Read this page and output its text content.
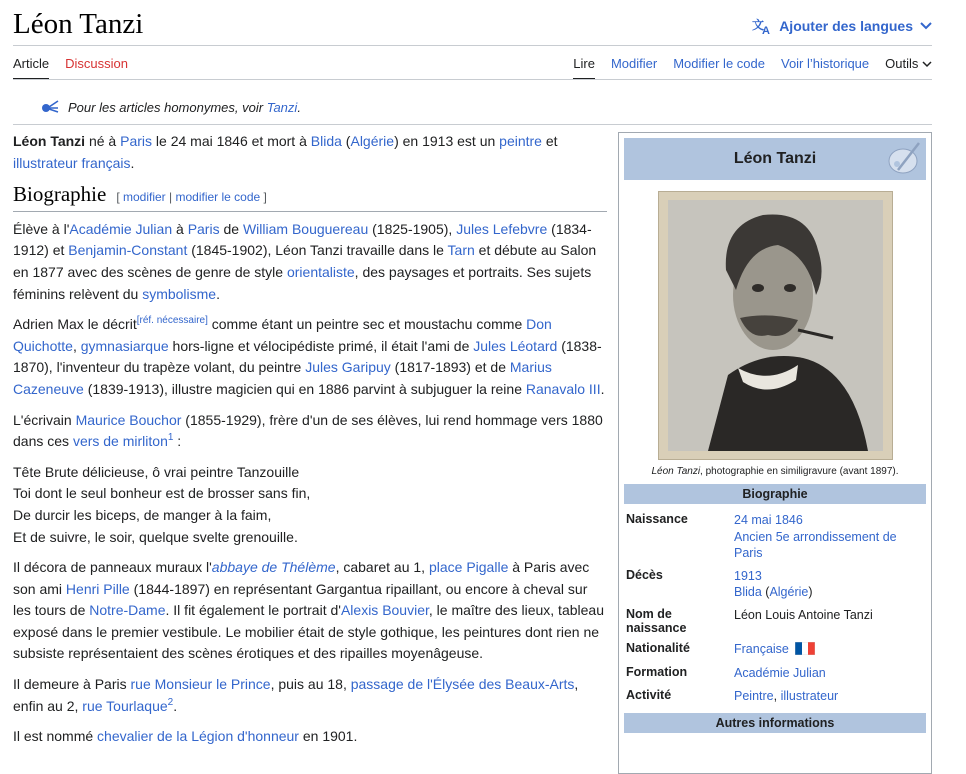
Léon Tanzi	文
A Ajouter des langues
Article Discussion	Lire Modifier Modifier le code Voir l’historique Outils
Pour les articles homonymes, voir Tanzi.

Léon Tanzi né à Paris le 24 mai 1846 et mort à Blida (Algérie) en 1913 est un peintre et illustrateur français.

Biographie [ modifier | modifier le code ]

Élève à l'Académie Julian à Paris de William Bouguereau (1825-1905), Jules Lefebvre (1834-1912) et Benjamin-Constant (1845-1902), Léon Tanzi travaille dans le Tarn et débute au Salon en 1877 avec des scènes de genre de style orientaliste, des paysages et portraits. Ses sujets féminins relèvent du symbolisme.

Adrien Max le décrit[réf. nécessaire] comme étant un peintre sec et moustachu comme Don Quichotte, gymnasiarque hors-ligne et vélocipédiste primé, il était l'ami de Jules Léotard (1838-1870), l'inventeur du trapèze volant, du peintre Jules Garipuy (1817-1893) et de Marius Cazeneuve (1839-1913), illustre magicien qui en 1886 parvint à subjuguer la reine Ranavalo III.

L'écrivain Maurice Bouchor (1855-1929), frère d'un de ses élèves, lui rend hommage vers 1880 dans ces vers de mirliton$^1$ :

Tête Brute délicieuse, ô vrai peintre Tanzouille
Toi dont le seul bonheur est de brosser sans fin,
De durcir les biceps, de manger à la faim,
Et de suivre, le soir, quelque svelte grenouille.

Il décora de panneaux muraux l'abbaye de Thélème, cabaret au 1, place Pigalle à Paris avec son ami Henri Pille (1844-1897) en représentant Gargantua ripaillant, ou encore à cheval sur les tours de Notre-Dame. Il fit également le portrait d'Alexis Bouvier, le maître des lieux, tableau exposé dans le premier vestibule. Le mobilier était de style gothique, les peintures dont rien ne subsiste représentaient des scènes érotiques et des ripailles moyenâgeuse.

Il demeure à Paris rue Monsieur le Prince, puis au 18, passage de l'Élysée des Beaux-Arts, enfin au 2, rue Tourlaque$^2$.

Il est nommé chevalier de la Légion d'honneur en 1901.

Léon Tanzi
Léon Tanzi, photographie en similigravure (avant 1897).
Biographie
Naissance	24 mai 1846
Ancien 5e arrondissement de Paris
Décès	1913
Blida (Algérie)
Nom de naissance	Léon Louis Antoine Tanzi
Nationalité	Française
Formation	Académie Julian
Activité	Peintre, illustrateur
Autres informations
